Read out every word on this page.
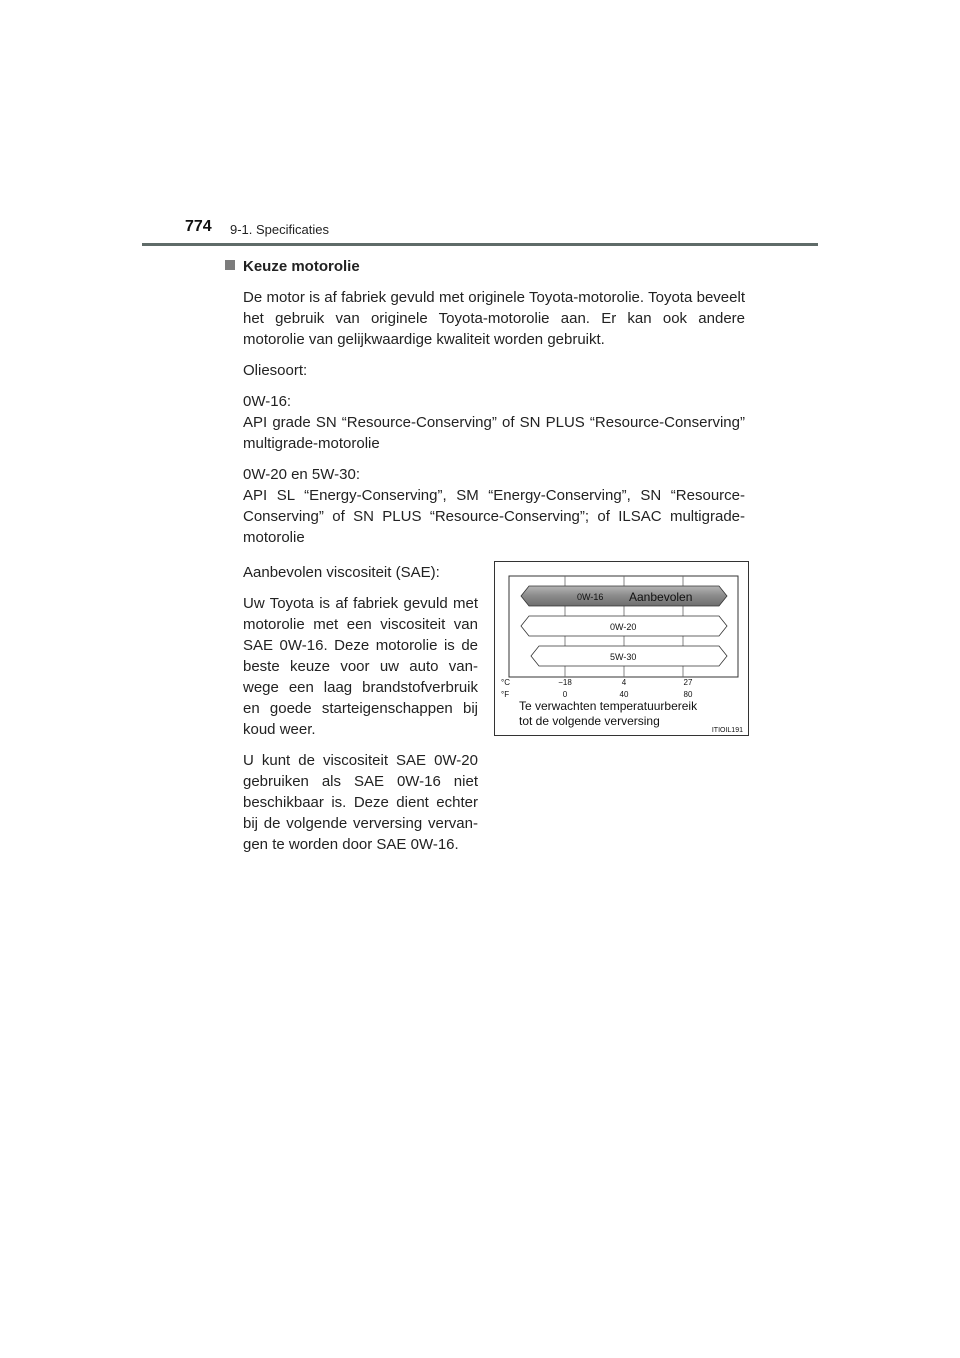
774 9-1. Specificaties
Keuze motorolie

De motor is af fabriek gevuld met originele Toyota-motorolie. Toyota beveelt het gebruik van originele Toyota-motorolie aan. Er kan ook andere motorolie van gelijkwaardige kwaliteit worden gebruikt.

Oliesoort:

0W-16:

API grade SN “Resource-Conserving” of SN PLUS “Resource-Conserving” multigrade-motorolie

0W-20 en 5W-30:

API SL “Energy-Conserving”, SM “Energy-Conserving”, SN “Resource-Conserving” of SN PLUS “Resource-Conserving”; of ILSAC multigrade-motorolie

Aanbevolen viscositeit (SAE):

Uw Toyota is af fabriek gevuld met motorolie met een viscositeit van SAE 0W-16. Deze motorolie is de beste keuze voor uw auto van-wege een laag brandstofverbruik en goede starteigenschappen bij koud weer.

U kunt de viscositeit SAE 0W-20 gebruiken als SAE 0W-16 niet beschikbaar is. Deze dient echter bij de volgende verversing vervan-gen te worden door SAE 0W-16.

0W-16 Aanbevolen
0W-20
5W-30
°C
°F
−18	4	27
0	40	80
Te verwachten temperatuurbereik
tot de volgende verversing
ITIOIL191
